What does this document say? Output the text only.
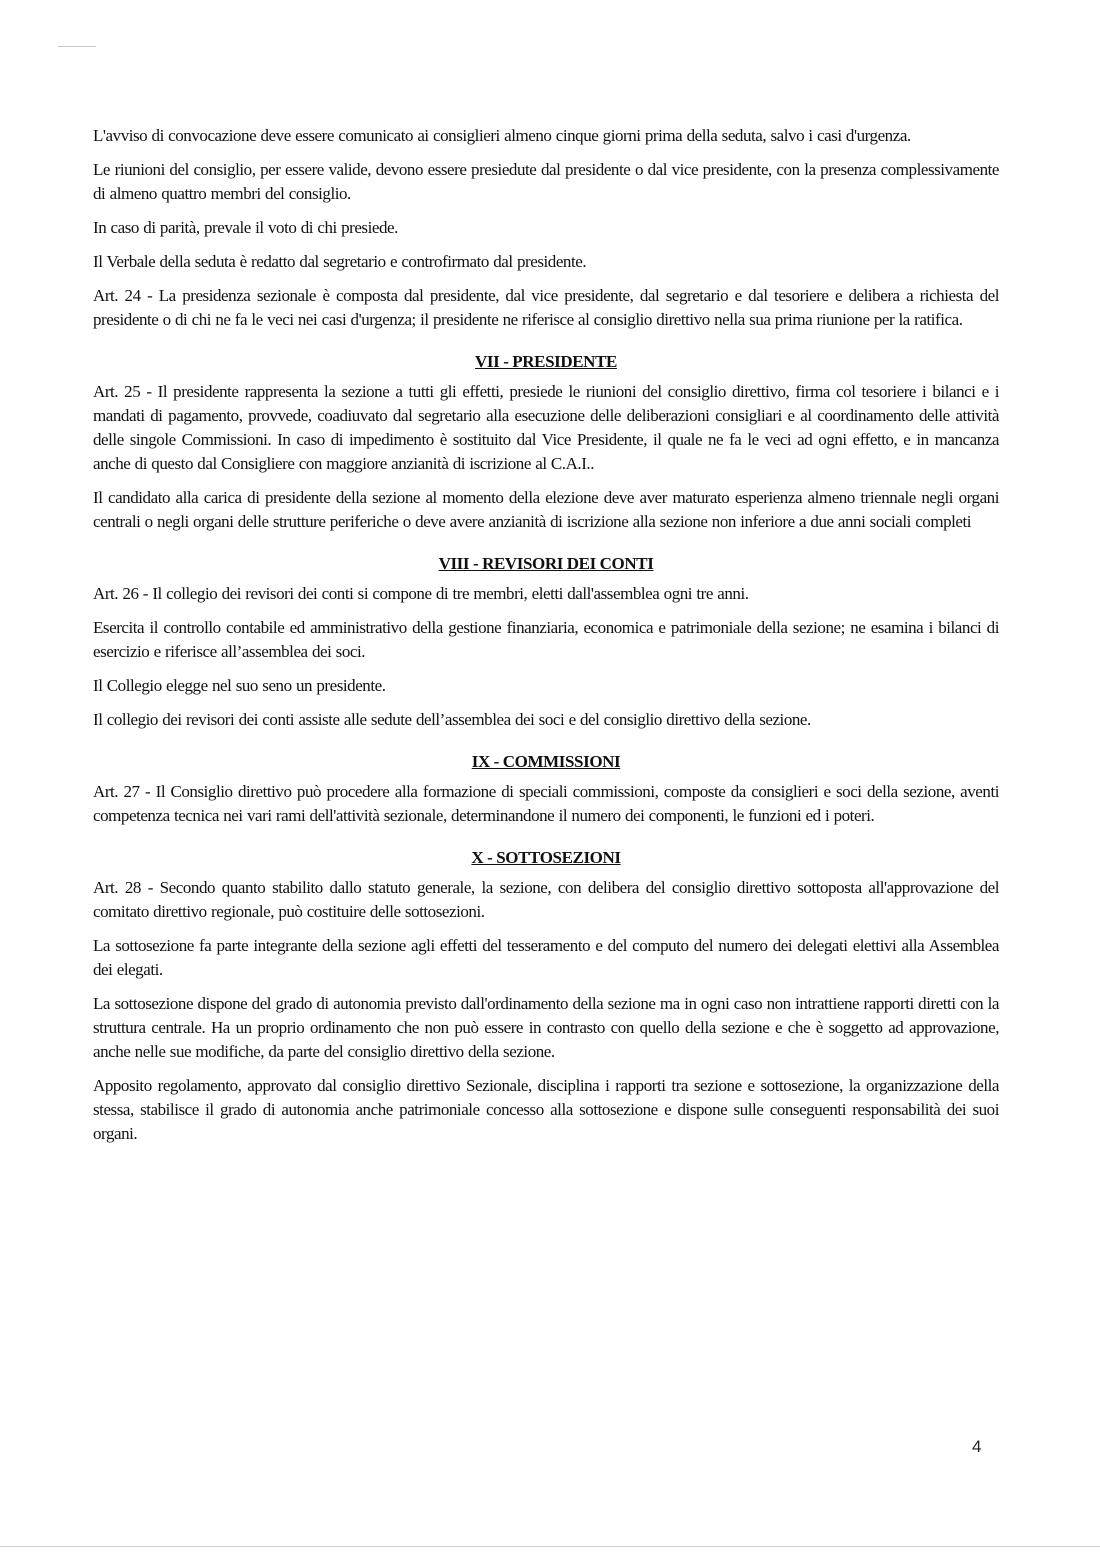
L'avviso di convocazione deve essere comunicato ai consiglieri almeno cinque giorni prima della seduta, salvo i casi d'urgenza.

Le riunioni del consiglio, per essere valide, devono essere presiedute dal presidente o dal vice presidente, con la presenza complessivamente di almeno quattro membri del consiglio.

In caso di parità, prevale il voto di chi presiede.

Il Verbale della seduta è redatto dal segretario e controfirmato dal presidente.

Art. 24 - La presidenza sezionale è composta dal presidente, dal vice presidente, dal segretario e dal tesoriere e delibera a richiesta del presidente o di chi ne fa le veci nei casi d'urgenza; il presidente ne riferisce al consiglio direttivo nella sua prima riunione per la ratifica.

VII - PRESIDENTE

Art. 25 - Il presidente rappresenta la sezione a tutti gli effetti, presiede le riunioni del consiglio direttivo, firma col tesoriere i bilanci e i mandati di pagamento, provvede, coadiuvato dal segretario alla esecuzione delle deliberazioni consigliari e al coordinamento delle attività delle singole Commissioni. In caso di impedimento è sostituito dal Vice Presidente, il quale ne fa le veci ad ogni effetto, e in mancanza anche di questo dal Consigliere con maggiore anzianità di iscrizione al C.A.I..

Il candidato alla carica di presidente della sezione al momento della elezione deve aver maturato esperienza almeno triennale negli organi centrali o negli organi delle strutture periferiche o deve avere anzianità di iscrizione alla sezione non inferiore a due anni sociali completi

VIII - REVISORI DEI CONTI

Art. 26 - Il collegio dei revisori dei conti si compone di tre membri, eletti dall'assemblea ogni tre anni.

Esercita il controllo contabile ed amministrativo della gestione finanziaria, economica e patrimoniale della sezione; ne esamina i bilanci di esercizio e riferisce all’assemblea dei soci.

Il Collegio elegge nel suo seno un presidente.

Il collegio dei revisori dei conti assiste alle sedute dell’assemblea dei soci e del consiglio direttivo della sezione.

IX - COMMISSIONI

Art. 27 - Il Consiglio direttivo può procedere alla formazione di speciali commissioni, composte da consiglieri e soci della sezione, aventi competenza tecnica nei vari rami dell'attività sezionale, determinandone il numero dei componenti, le funzioni ed i poteri.

X - SOTTOSEZIONI

Art. 28 - Secondo quanto stabilito dallo statuto generale, la sezione, con delibera del consiglio direttivo sottoposta all'approvazione del comitato direttivo regionale, può costituire delle sottosezioni.

La sottosezione fa parte integrante della sezione agli effetti del tesseramento e del computo del numero dei delegati elettivi alla Assemblea dei elegati.

La sottosezione dispone del grado di autonomia previsto dall'ordinamento della sezione ma in ogni caso non intrattiene rapporti diretti con la struttura centrale. Ha un proprio ordinamento che non può essere in contrasto con quello della sezione e che è soggetto ad approvazione, anche nelle sue modifiche, da parte del consiglio direttivo della sezione.

Apposito regolamento, approvato dal consiglio direttivo Sezionale, disciplina i rapporti tra sezione e sottosezione, la organizzazione della stessa, stabilisce il grado di autonomia anche patrimoniale concesso alla sottosezione e dispone sulle conseguenti responsabilità dei suoi organi.

4
